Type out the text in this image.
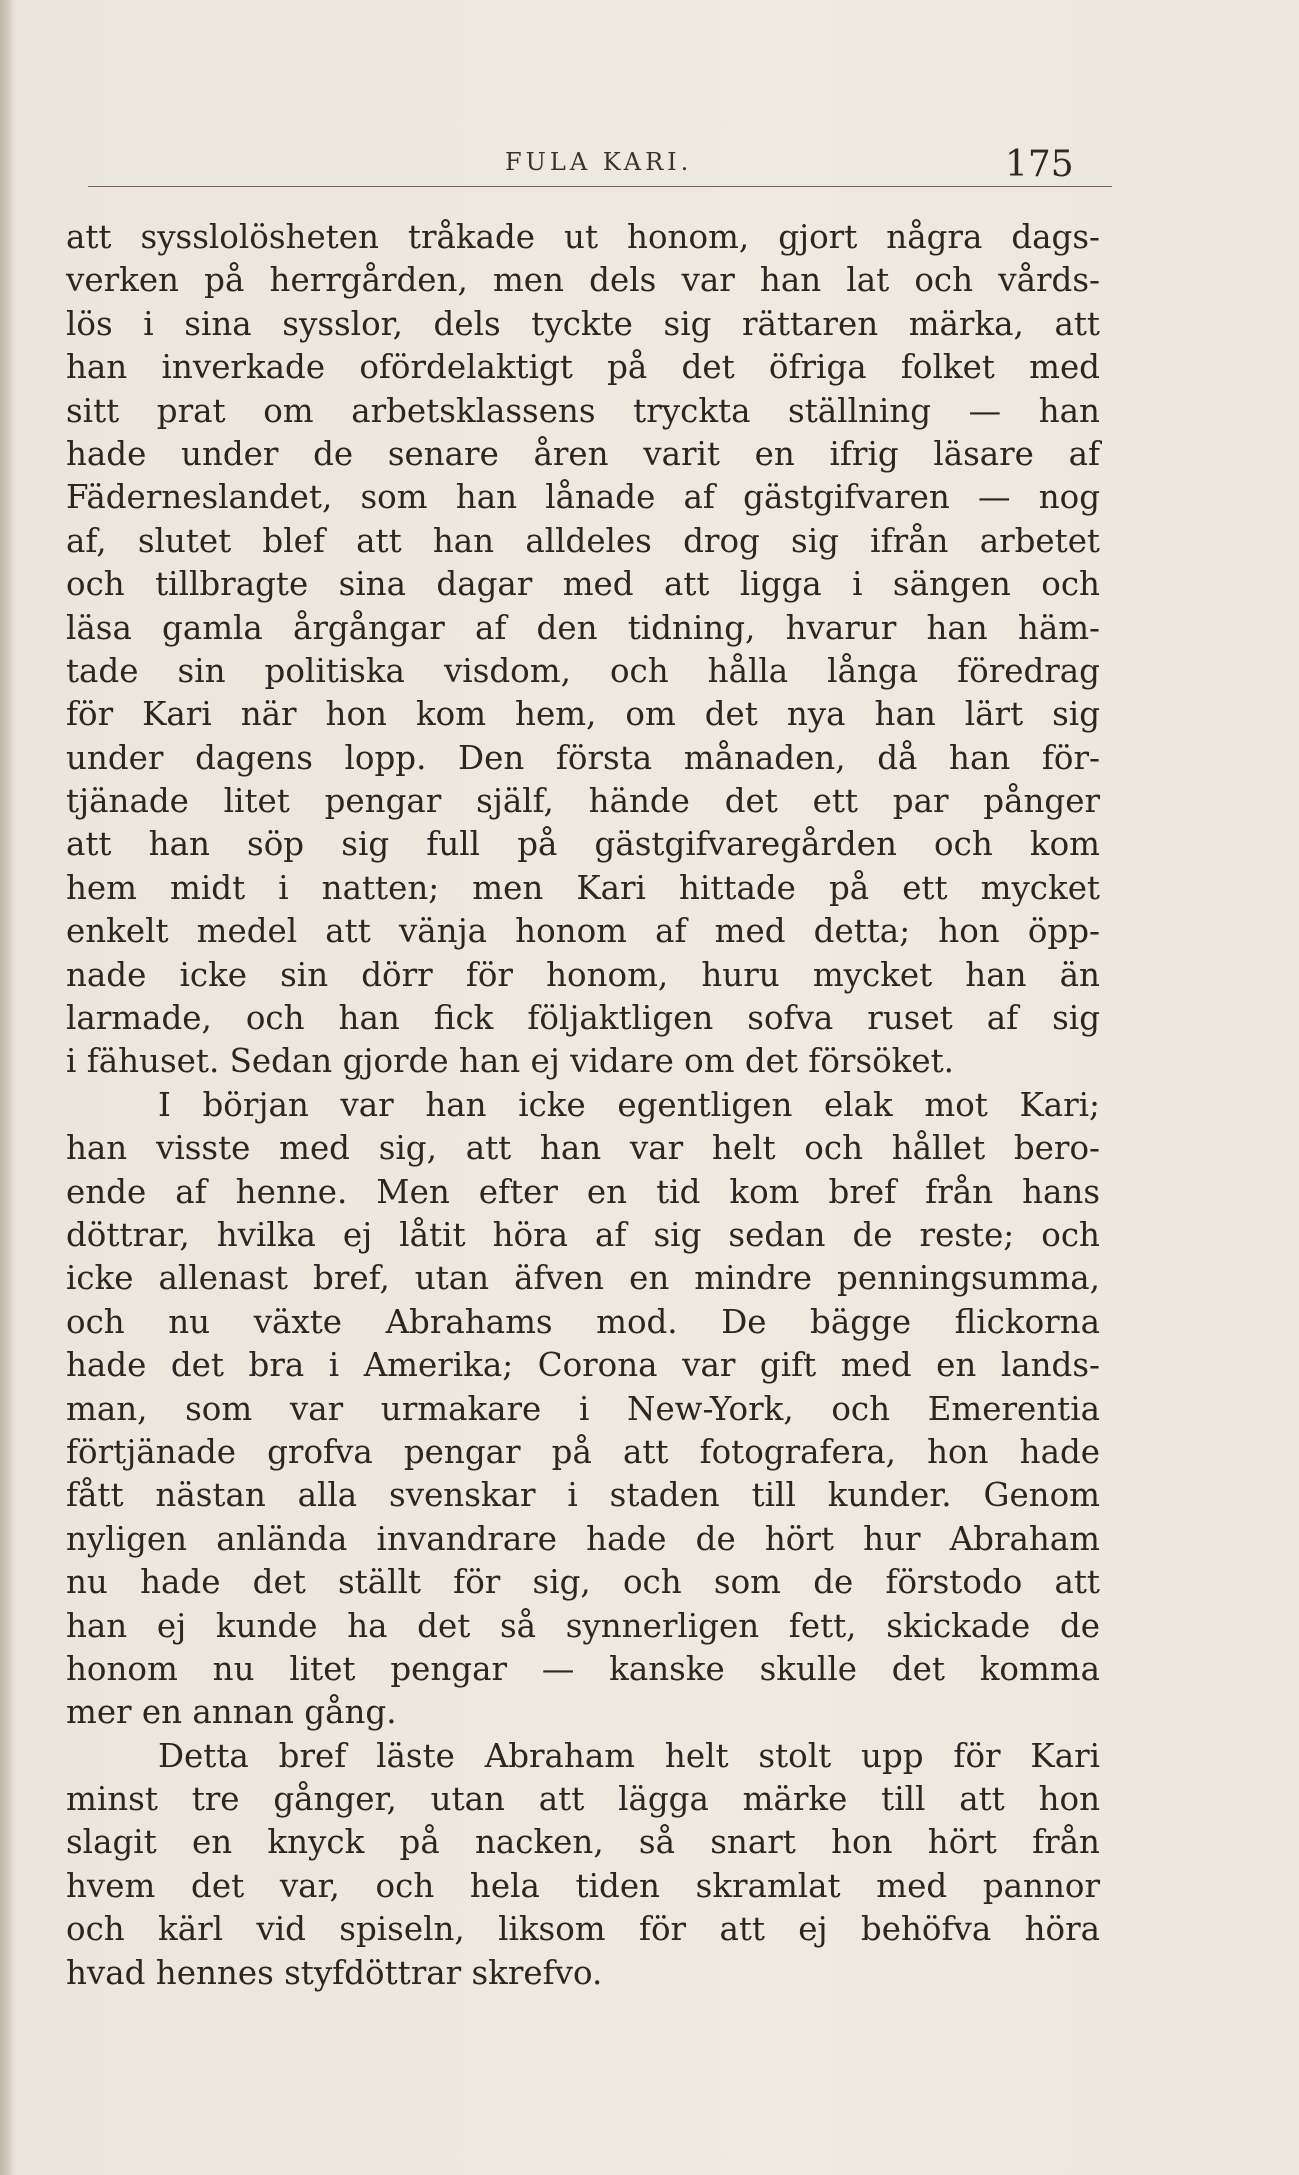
FULA KARI.	175
att sysslolösheten tråkade ut honom, gjort några dags-
verken på herrgården, men dels var han lat och vårds-
lös i sina sysslor, dels tyckte sig rättaren märka, att
han inverkade ofördelaktigt på det öfriga folket med
sitt prat om arbetsklassens tryckta ställning — han
hade under de senare åren varit en ifrig läsare af
Fäderneslandet, som han lånade af gästgifvaren — nog
af, slutet blef att han alldeles drog sig ifrån arbetet
och tillbragte sina dagar med att ligga i sängen och
läsa gamla årgångar af den tidning, hvarur han häm-
tade sin politiska visdom, och hålla långa föredrag
för Kari när hon kom hem, om det nya han lärt sig
under dagens lopp. Den första månaden, då han för-
tjänade litet pengar själf, hände det ett par pånger
att han söp sig full på gästgifvaregården och kom
hem midt i natten; men Kari hittade på ett mycket
enkelt medel att vänja honom af med detta; hon öpp-
nade icke sin dörr för honom, huru mycket han än
larmade, och han fick följaktligen sofva ruset af sig
i fähuset. Sedan gjorde han ej vidare om det försöket.
I början var han icke egentligen elak mot Kari;
han visste med sig, att han var helt och hållet bero-
ende af henne. Men efter en tid kom bref från hans
döttrar, hvilka ej låtit höra af sig sedan de reste; och
icke allenast bref, utan äfven en mindre penningsumma,
och nu växte Abrahams mod. De bägge flickorna
hade det bra i Amerika; Corona var gift med en lands-
man, som var urmakare i New-York, och Emerentia
förtjänade grofva pengar på att fotografera, hon hade
fått nästan alla svenskar i staden till kunder. Genom
nyligen anlända invandrare hade de hört hur Abraham
nu hade det ställt för sig, och som de förstodo att
han ej kunde ha det så synnerligen fett, skickade de
honom nu litet pengar — kanske skulle det komma
mer en annan gång.
Detta bref läste Abraham helt stolt upp för Kari
minst tre gånger, utan att lägga märke till att hon
slagit en knyck på nacken, så snart hon hört från
hvem det var, och hela tiden skramlat med pannor
och kärl vid spiseln, liksom för att ej behöfva höra
hvad hennes styfdöttrar skrefvo.
